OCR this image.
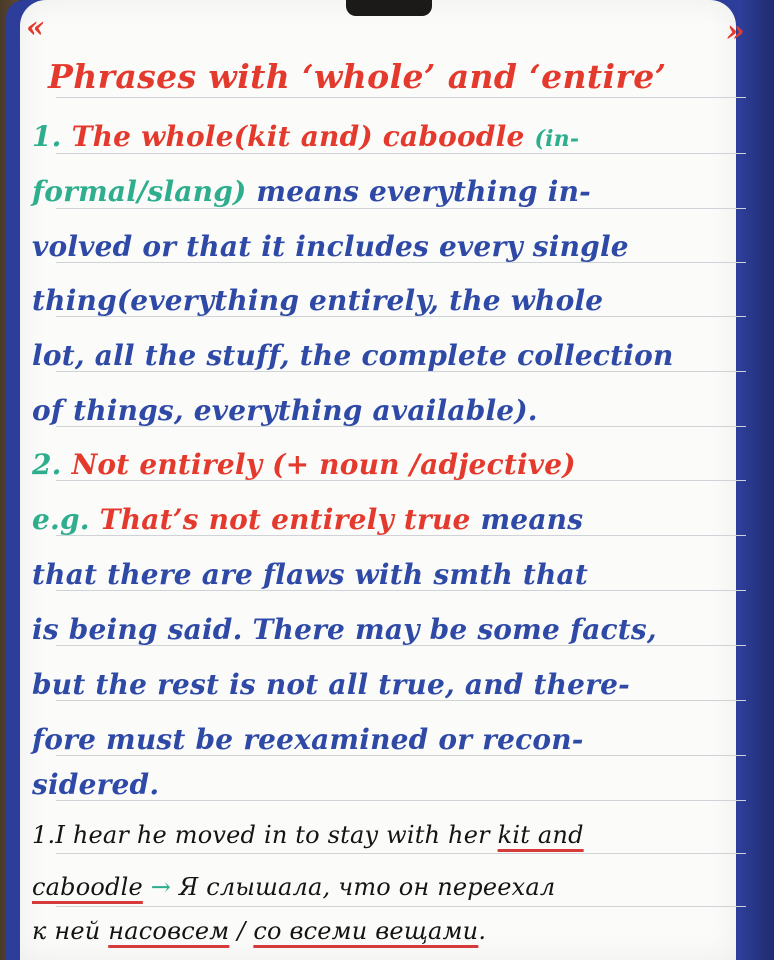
«	»
Phrases with ‘whole’ and ‘entire’
1. The whole(kit and) caboodle (in-
formal/slang) means everything in-
volved or that it includes every single
thing(everything entirely, the whole
lot, all the stuff, the complete collection
of things, everything available).
2. Not entirely (+ noun /adjective)
e.g. That’s not entirely true means
that there are flaws with smth that
is being said. There may be some facts,
but the rest is not all true, and there-
fore must be reexamined or recon-
sidered.
1.I hear he moved in to stay with her kit and
caboodle → Я слышала, что он переехал
к ней насовсем / со всеми вещами.
